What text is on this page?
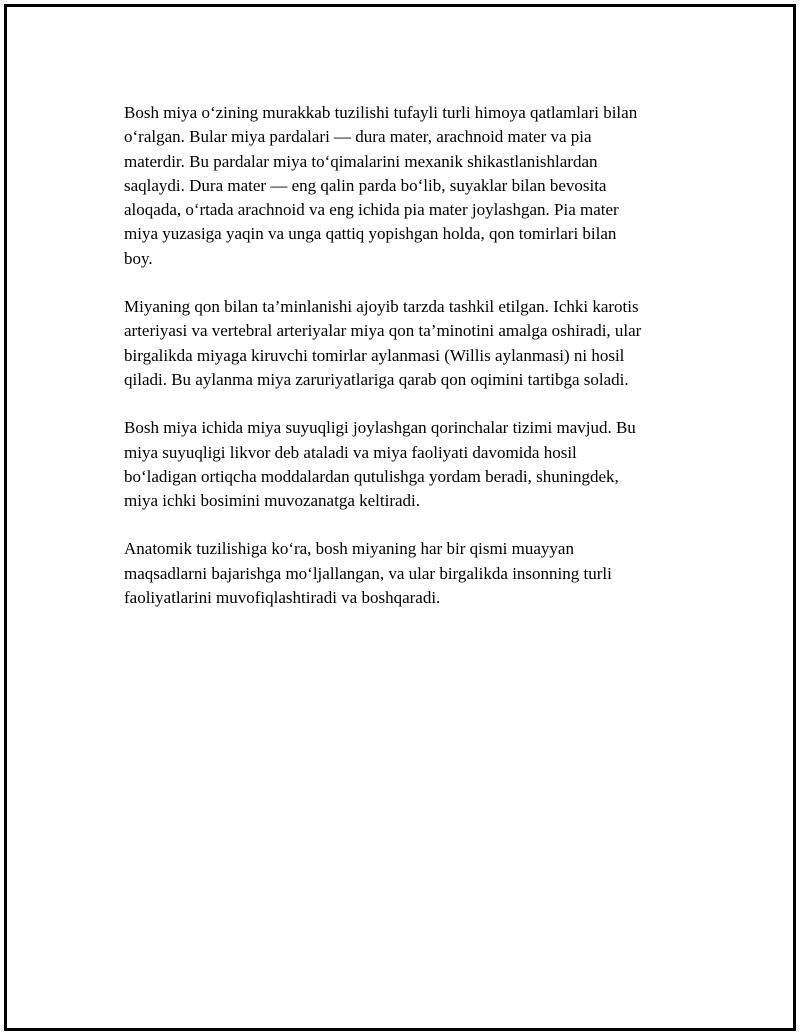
Bosh miya o‘zining murakkab tuzilishi tufayli turli himoya qatlamlari bilan
o‘ralgan. Bular miya pardalari — dura mater, arachnoid mater va pia
materdir. Bu pardalar miya to‘qimalarini mexanik shikastlanishlardan
saqlaydi. Dura mater — eng qalin parda bo‘lib, suyaklar bilan bevosita
aloqada, o‘rtada arachnoid va eng ichida pia mater joylashgan. Pia mater
miya yuzasiga yaqin va unga qattiq yopishgan holda, qon tomirlari bilan
boy.

Miyaning qon bilan ta’minlanishi ajoyib tarzda tashkil etilgan. Ichki karotis
arteriyasi va vertebral arteriyalar miya qon ta’minotini amalga oshiradi, ular
birgalikda miyaga kiruvchi tomirlar aylanmasi (Willis aylanmasi) ni hosil
qiladi. Bu aylanma miya zaruriyatlariga qarab qon oqimini tartibga soladi.

Bosh miya ichida miya suyuqligi joylashgan qorinchalar tizimi mavjud. Bu
miya suyuqligi likvor deb ataladi va miya faoliyati davomida hosil
bo‘ladigan ortiqcha moddalardan qutulishga yordam beradi, shuningdek,
miya ichki bosimini muvozanatga keltiradi.

Anatomik tuzilishiga ko‘ra, bosh miyaning har bir qismi muayyan
maqsadlarni bajarishga mo‘ljallangan, va ular birgalikda insonning turli
faoliyatlarini muvofiqlashtiradi va boshqaradi.
